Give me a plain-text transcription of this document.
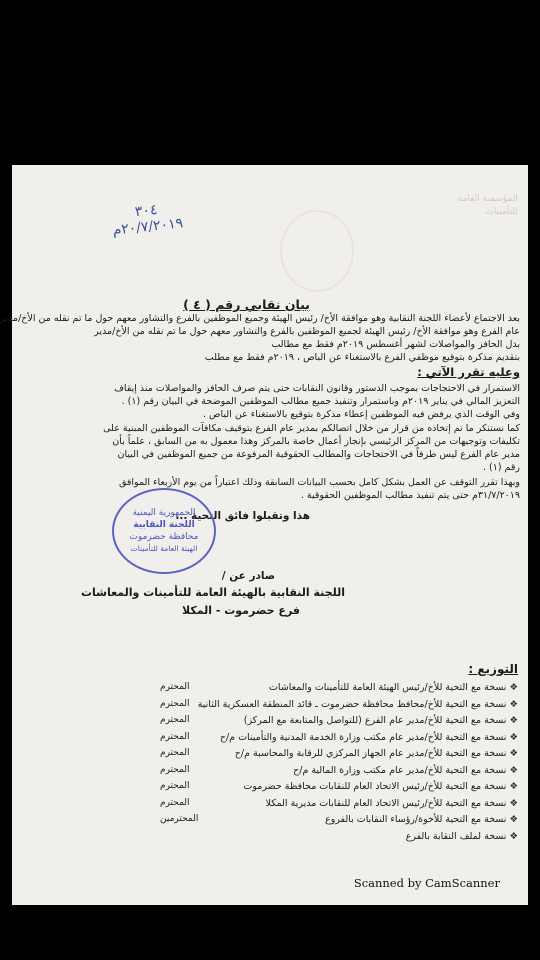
المؤسسة العامة للتأمينات
٣٠٤
٢٠/٧/٢٠١٩م
بيان نقابي رقم ( ٤ )
بعد الاجتماع لأعضاء اللجنة النقابية وهو موافقة الأخ/ رئيس الهيئة وجميع الموظفين بالفرع والتشاور معهم حول ما تم نقله من الأخ/مدير
عام الفرع وهو موافقة الأخ/ رئيس الهيئة لجميع الموظفين بالفرع والتشاور معهم حول ما تم نقله من الأخ/مدير
بدل الحافز والمواصلات لشهر أغسطس ٢٠١٩م فقط مع مطالب
بتقديم مذكرة بتوقيع موظفي الفرع بالاستغناء عن الباص ، ٢٠١٩م فقط مع مطلب
وعليه تقرر الآتي :
الاستمرار في الاحتجاجات بموجب الدستور وقانون النقابات حتى يتم صرف الحافز والمواصلات منذ إيقاف
التعزيز المالي في يناير ٢٠١٩م وباستمرار وتنفيذ جميع مطالب الموظفين الموضحة في البيان رقم (١) .
وفي الوقت الذي يرفض فيه الموظفين إعطاء مذكرة بتوقيع بالاستغناء عن الباص .
كما نستنكر ما تم إتخاذه من قرار من خلال اتصالكم بمدير عام الفرع بتوقيف مكافآت الموظفين المبنية على
تكليفات وتوجيهات من المركز الرئيسي بإنجاز أعمال خاصة بالمركز وهذا معمول به من السابق ، علماً بأن
مدير عام الفرع ليس طرفاً في الاحتجاجات والمطالب الحقوقية المرفوعة من جميع الموظفين في البيان
رقم (١) .
وبهذا تقرر التوقف عن العمل بشكل كامل بحسب البيانات السابقة وذلك اعتباراً من يوم الأربعاء الموافق
٣١/٧/٢٠١٩م حتى يتم تنفيذ مطالب الموظفين الحقوقية .
هذا وتقبلوا فائق التحية ...
الجمهورية اليمنية
اللجنة النقابية
محافظة حضرموت
الهيئة العامة للتأمينات
صادر عن /
اللجنة النقابية بالهيئة العامة للتأمينات والمعاشات
فرع حضرموت - المكلا
التوزيع :
❖ نسخة مع التحية للأخ/رئيس الهيئة العامة للتأمينات والمعاشات
المحترم
❖ نسخة مع التحية للأخ/محافظ محافظة حضرموت ـ قائد المنطقة العسكرية الثانية
المحترم
❖ نسخة مع التحية للأخ/مدير عام الفرع (للتواصل والمتابعة مع المركز)
المحترم
❖ نسخة مع التحية للأخ/مدير عام مكتب وزارة الخدمة المدنية والتأمينات م/ح
المحترم
❖ نسخة مع التحية للأخ/مدير عام الجهاز المركزي للرقابة والمحاسبة م/ح
المحترم
❖ نسخة مع التحية للأخ/مدير عام مكتب وزارة المالية م/ح
المحترم
❖ نسخة مع التحية للأخ/رئيس الاتحاد العام للنقابات محافظة حضرموت
المحترم
❖ نسخة مع التحية للأخ/رئيس الاتحاد العام للنقابات مديرية المكلا
المحترم
❖ نسخة مع التحية للأخوة/رؤساء النقابات بالفروع
المحترمين
❖ نسخة لملف النقابة بالفرع
Scanned by CamScanner
